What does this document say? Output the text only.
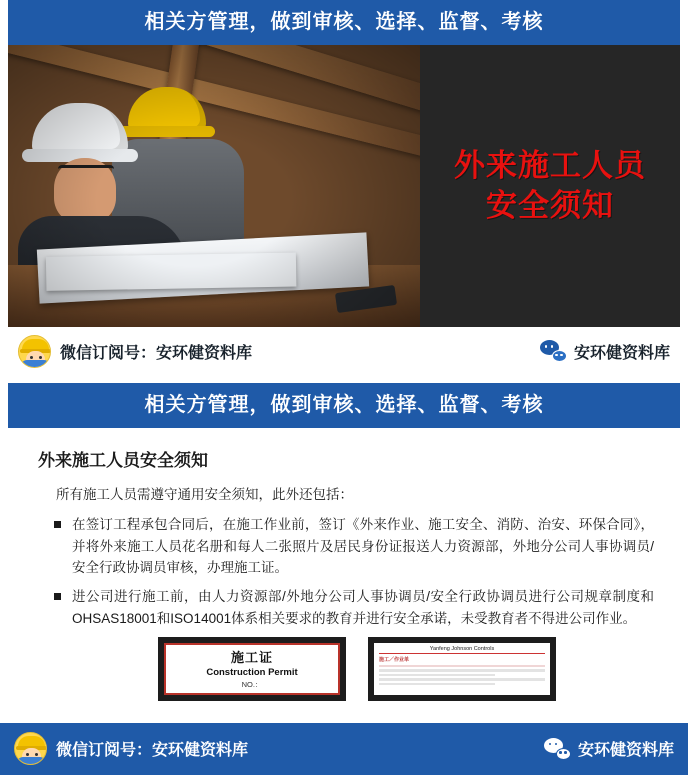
相关方管理，做到审核、选择、监督、考核
外来施工人员
安全须知
微信订阅号：安环健资料库	安环健资料库
相关方管理，做到审核、选择、监督、考核
外来施工人员安全须知
所有施工人员需遵守通用安全须知，此外还包括：
在签订工程承包合同后，在施工作业前，签订《外来作业、施工安全、消防、治安、环保合同》，并将外来施工人员花名册和每人二张照片及居民身份证报送人力资源部，外地分公司人事协调员/安全行政协调员审核，办理施工证。
进公司进行施工前，由人力资源部/外地分公司人事协调员/安全行政协调员进行公司规章制度和OHSAS18001和ISO14001体系相关要求的教育并进行安全承诺，未受教育者不得进公司作业。
施工证
Construction Permit
NO.：
Yanfeng Johnson Controls
施工／作业单
微信订阅号：安环健资料库	安环健资料库
